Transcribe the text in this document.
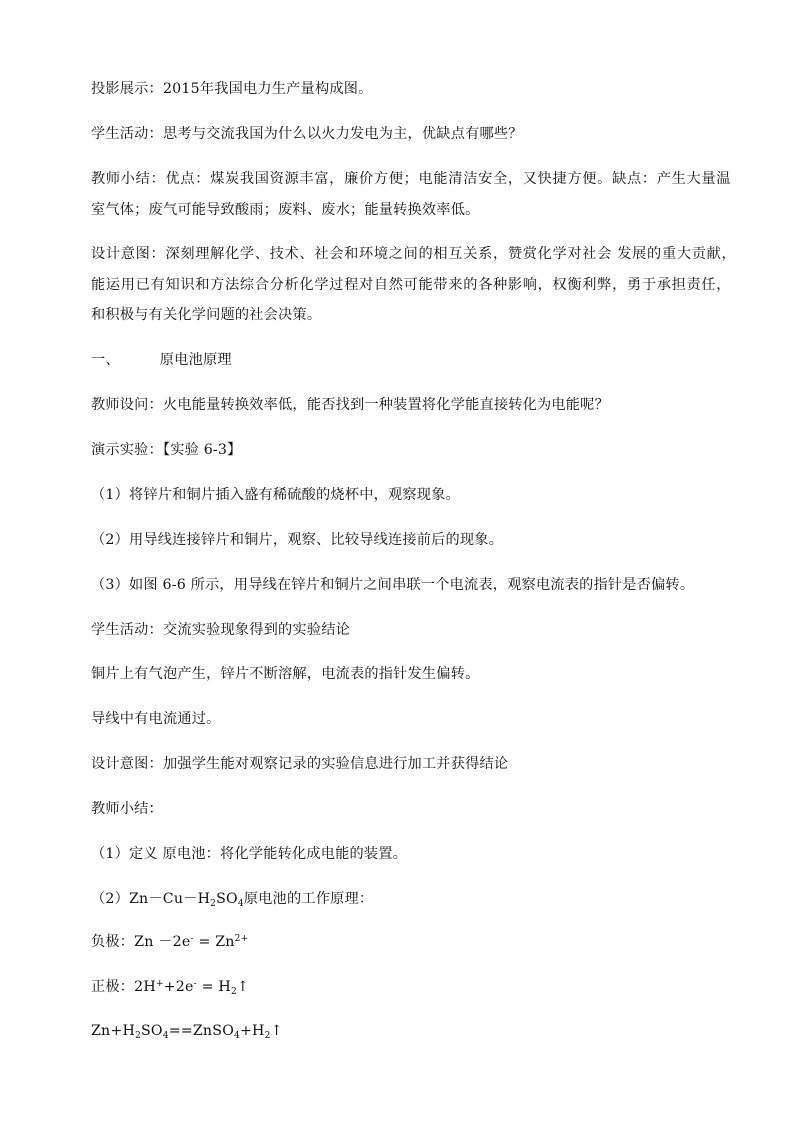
投影展示：2015年我国电力生产量构成图。
学生活动：思考与交流我国为什么以火力发电为主，优缺点有哪些？
教师小结：优点：煤炭我国资源丰富，廉价方便；电能清洁安全，又快捷方便。缺点：产生大量温
室气体；废气可能导致酸雨；废料、废水；能量转换效率低。
设计意图：深刻理解化学、技术、社会和环境之间的相互关系，赞赏化学对社会 发展的重大贡献，
能运用已有知识和方法综合分析化学过程对自然可能带来的各种影响，权衡利弊，勇于承担责任，
和积极与有关化学问题的社会决策。
一、	原电池原理
教师设问：火电能量转换效率低，能否找到一种装置将化学能直接转化为电能呢？
演示实验：【实验 6-3】
（1）将锌片和铜片插入盛有稀硫酸的烧杯中，观察现象。
（2）用导线连接锌片和铜片，观察、比较导线连接前后的现象。
（3）如图 6-6 所示，用导线在锌片和铜片之间串联一个电流表，观察电流表的指针是否偏转。
学生活动：交流实验现象得到的实验结论
铜片上有气泡产生，锌片不断溶解，电流表的指针发生偏转。
导线中有电流通过。
设计意图：加强学生能对观察记录的实验信息进行加工并获得结论
教师小结：
（1）定义 原电池：将化学能转化成电能的装置。
$(2)Zn-Cu-H_2SO_4$原电池的工作原理：
负极：$Zn -2e^- = Zn^{2+}$
正极：$2H^++2e^- = H_2↑$
$Zn+H_2SO_4==ZnSO_4+H_2↑$
